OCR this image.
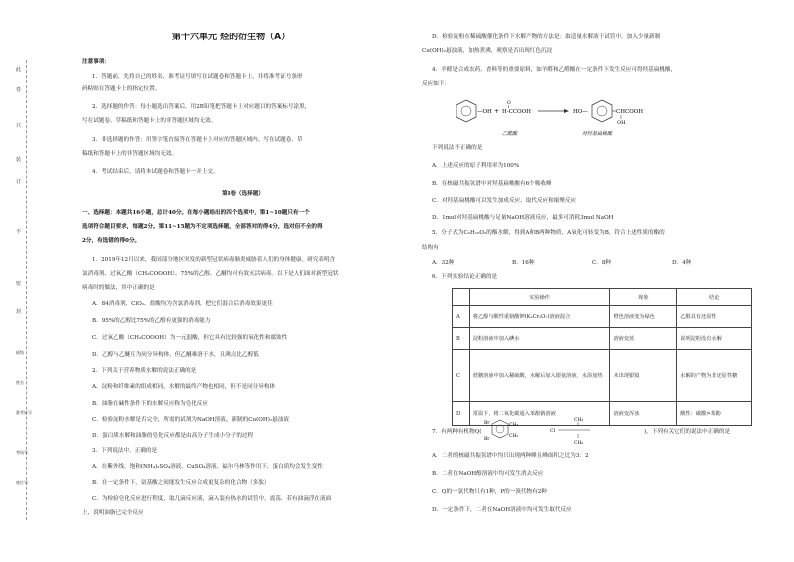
此
卷
只
装
订
不
密
封
班级
姓名
准考证号
考场号
座位号
第十六单元 烃的衍生物（A）
注意事项：
1．答题前，先将自己的姓名、准考证号填写在试题卷和答题卡上，并将准考证号条形
码粘贴在答题卡上的指定位置。
2．选择题的作答：每小题选出答案后，用2B铅笔把答题卡上对应题目的答案标号涂黑，
写在试题卷、草稿纸和答题卡上的非答题区域均无效。
3．非选择题的作答：用签字笔直接答在答题卡上对应的答题区域内。写在试题卷、草
稿纸和答题卡上的非答题区域均无效。
4．考试结束后，请将本试题卷和答题卡一并上交。
第Ⅰ卷（选择题）
一、选择题：本题共16小题，总计40分。在每小题给出的四个选项中，第1~10题只有一个
选项符合题目要求，每题2分。第11~15题为不定项选择题，全部答对的得4分，选对但不全的得
2分，有选错的得0分。
1．2019年12月以来，我国部分地区突发的新型冠状病毒肺炎威胁着人们的身体健康。研究表明含
氯消毒剂、过氧乙酸（CH₃COOOH）、75%的乙醇、乙醚均可有效灭活病毒。以下是人们面对新型冠状
病毒时的做法，其中正确的是
A．84消毒剂、ClO₂、盐酸均为含氯消毒剂，把它们混合后消毒效果更佳
B．95%的乙醇比75%的乙醇有更强的消毒能力
C．过氧乙酸（CH₃COOOH）为一元弱酸，但它具有比较强的氧化性和腐蚀性
D．乙醇与乙醚互为同分异构体，但乙醚难溶于水，且沸点比乙醇低
2．下列关于营养物质水解的说法正确的是
A．淀粉和纤维素的组成相同，水解的最终产物也相同，但不是同分异构体
B．油脂在碱性条件下的水解反应称为皂化反应
C．检验淀粉水解是否完全，所需的试剂为NaOH溶液、新制的Cu(OH)₂悬浊液
D．蛋白质水解和油脂的皂化反应都是由高分子生成小分子的过程
3．下列说法中，正确的是
A．在紫外线、饱和(NH₄)₂SO₄溶液、CuSO₄溶液、福尔马林等作用下，蛋白质均会发生变性
B．在一定条件下，氨基酸之间能发生反应合成更复杂的化合物（多肽）
C．为检验皂化反应进行程度，取几滴反应液，滴入装有热水的试管中，震荡，若有油滴浮在液面
上，说明油脂已完全反应
D．检验淀粉在稀硫酸催化条件下水解产物的方法是：取适量水解液于试管中，加入少量新制
Cu(OH)₂悬浊液，加热煮沸，观察是否出现红色沉淀
4．羊醛是合成农药、香料等的重要原料，如羊醛和乙醛酸在一定条件下发生反应可得羟基扁桃酸，
反应如下：
下列说法不正确的是
A．上述反应的原子利用率为100%
B．在核磁共振氢谱中对羟基扁桃酸有6个吸收峰
C．对羟基扁桃酸可以发生加成反应、取代反应和缩聚反应
D．1mol对羟基扁桃酸与足量NaOH溶液反应，最多可消耗3mol NaOH
5．分子式为C₅H₁₀O₂的酯水解，得到A和B两种物质，A氧化可转变为B，符合上述性质的酯的
结构有
A．32种	B．16种	C．8种	D．4种
6．下列实验结论正确的是
7．有两种有机物Q(	)，下列有关它们的说法中正确的是
A．二者的核磁共振氢谱中均只出现两种峰且峰面积之比为3：2
B．二者在NaOH醇溶液中均可发生消去反应
C．Q的一氯代物只有1种，P的一溴代物有2种
D．一定条件下，二者在NaOH溶液中均可发生取代反应
—OH +
O
H-CCOOH	HO—	CHCOOH
OH
乙醛酸	对羟基扁桃酸
	实验操作	现象	结论
A	将乙醇与酸性重铬酸钾(K₂Cr₂O₇)溶液混合	橙色溶液变为绿色	乙醇具有还原性
B	淀粉溶液中加入碘水	溶液变蓝	说明淀粉没有水解
C	蔗糖溶液中加入稀硫酸，水解后加入银氨溶液，水浴加热	未出现银镜	水解的产物为非还原性糖
D	常温下，将二氧化碳通入苯酚钠溶液	溶液变浑浊	酸性：碳酸>苯酚
Br
Br
CH₃
CH₃
CH₃
Cl
CH₃
